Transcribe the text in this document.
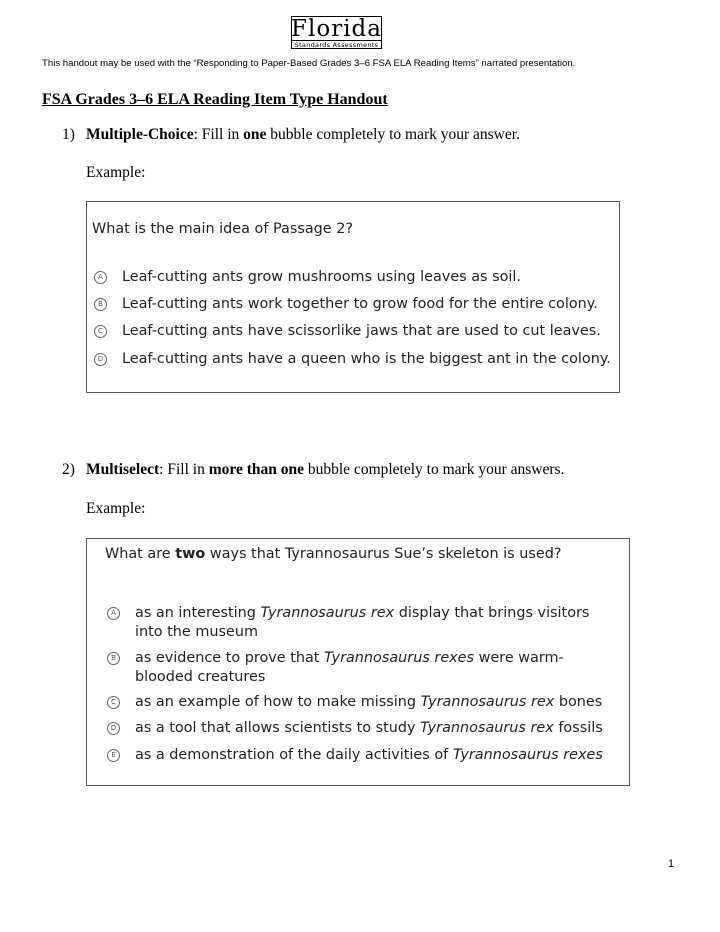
Florida
Standards Assessments
This handout may be used with the “Responding to Paper-Based Grades 3–6 FSA ELA Reading Items” narrated presentation.
FSA Grades 3–6 ELA Reading Item Type Handout
1) Multiple-Choice: Fill in one bubble completely to mark your answer.
Example:
What is the main idea of Passage 2?
A Leaf-cutting ants grow mushrooms using leaves as soil.
B Leaf-cutting ants work together to grow food for the entire colony.
C Leaf-cutting ants have scissorlike jaws that are used to cut leaves.
D Leaf-cutting ants have a queen who is the biggest ant in the colony.
2) Multiselect: Fill in more than one bubble completely to mark your answers.
Example:
What are two ways that Tyrannosaurus Sue’s skeleton is used?
A as an interesting Tyrannosaurus rex display that brings visitors into the museum
B as evidence to prove that Tyrannosaurus rexes were warm-blooded creatures
C as an example of how to make missing Tyrannosaurus rex bones
D as a tool that allows scientists to study Tyrannosaurus rex fossils
E as a demonstration of the daily activities of Tyrannosaurus rexes
1
